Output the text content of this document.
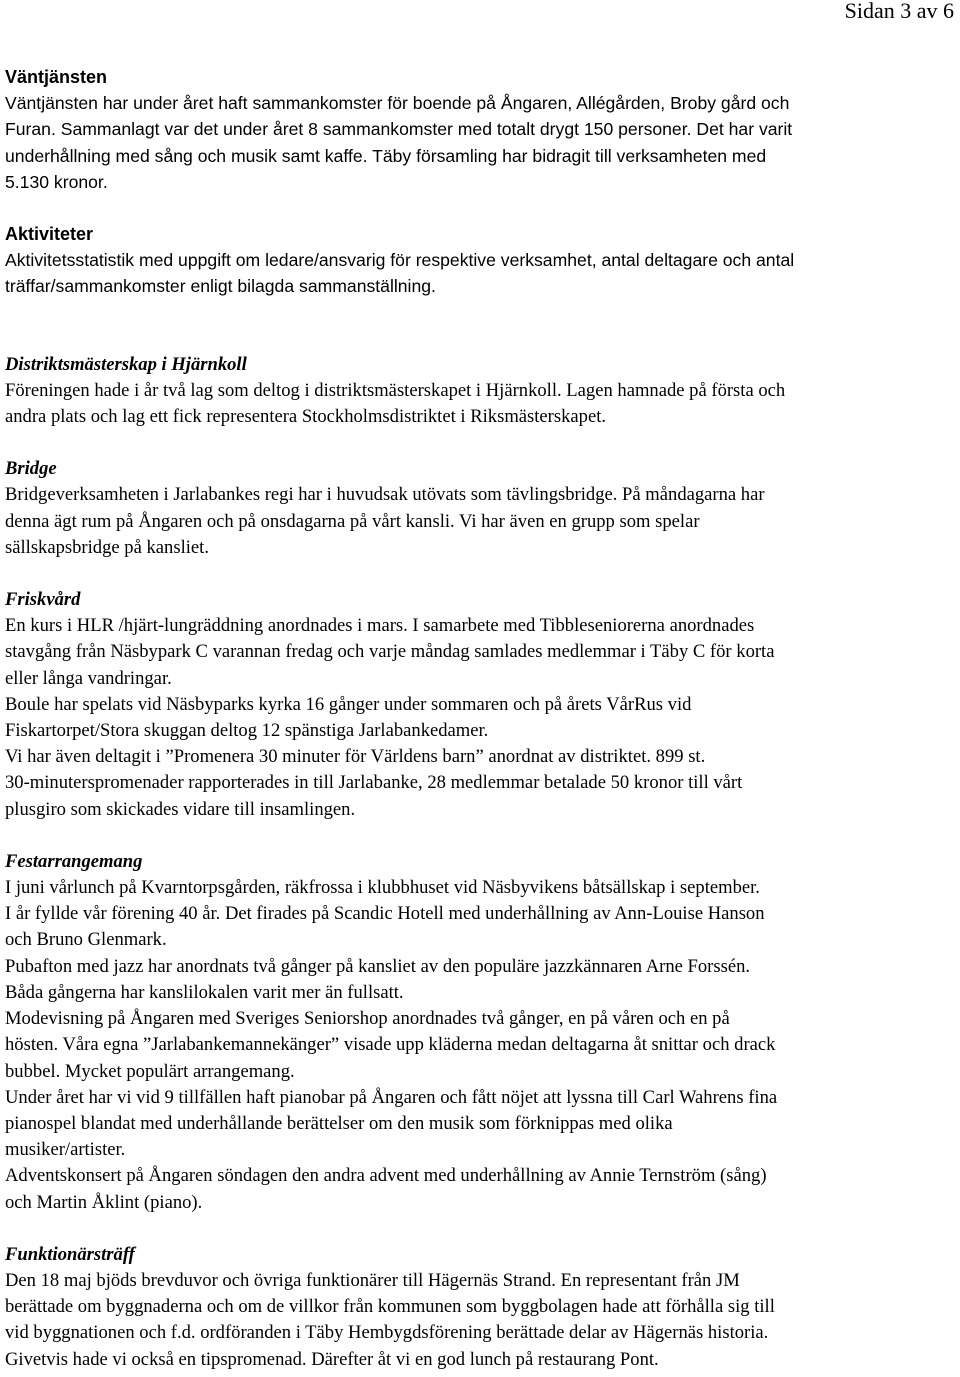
Sidan 3 av 6

Väntjänsten

Väntjänsten har under året haft sammankomster för boende på Ångaren, Allégården, Broby gård och

Furan. Sammanlagt var det under året 8 sammankomster med totalt drygt 150 personer. Det har varit

underhållning med sång och musik samt kaffe. Täby församling har bidragit till verksamheten med

5.130 kronor.

Aktiviteter

Aktivitetsstatistik med uppgift om ledare/ansvarig för respektive verksamhet, antal deltagare och antal

träffar/sammankomster enligt bilagda sammanställning.

Distriktsmästerskap i Hjärnkoll

Föreningen hade i år två lag som deltog i distriktsmästerskapet i Hjärnkoll. Lagen hamnade på första och

andra plats och lag ett fick representera Stockholmsdistriktet i Riksmästerskapet.

Bridge

Bridgeverksamheten i Jarlabankes regi har i huvudsak utövats som tävlingsbridge. På måndagarna har

denna ägt rum på Ångaren och på onsdagarna på vårt kansli. Vi har även en grupp som spelar

sällskapsbridge på kansliet.

Friskvård

En kurs i HLR /hjärt-lungräddning anordnades i mars. I samarbete med Tibbleseniorerna anordnades

stavgång från Näsbypark C varannan fredag och varje måndag samlades medlemmar i Täby C för korta

eller långa vandringar.

Boule har spelats vid Näsbyparks kyrka 16 gånger under sommaren och på årets VårRus vid

Fiskartorpet/Stora skuggan deltog 12 spänstiga Jarlabankedamer.

Vi har även deltagit i ”Promenera 30 minuter för Världens barn” anordnat av distriktet. 899 st.

30-minuterspromenader rapporterades in till Jarlabanke, 28 medlemmar betalade 50 kronor till vårt

plusgiro som skickades vidare till insamlingen.

Festarrangemang

I juni vårlunch på Kvarntorpsgården, räkfrossa i klubbhuset vid Näsbyvikens båtsällskap i september.

I år fyllde vår förening 40 år. Det firades på Scandic Hotell med underhållning av Ann-Louise Hanson

och Bruno Glenmark.

Pubafton med jazz har anordnats två gånger på kansliet av den populäre jazzkännaren Arne Forssén.

Båda gångerna har kanslilokalen varit mer än fullsatt.

Modevisning på Ångaren med Sveriges Seniorshop anordnades två gånger, en på våren och en på

hösten. Våra egna ”Jarlabankemannekänger” visade upp kläderna medan deltagarna åt snittar och drack

bubbel. Mycket populärt arrangemang.

Under året har vi vid 9 tillfällen haft pianobar på Ångaren och fått nöjet att lyssna till Carl Wahrens fina

pianospel blandat med underhållande berättelser om den musik som förknippas med olika

musiker/artister.

Adventskonsert på Ångaren söndagen den andra advent med underhållning av Annie Ternström (sång)

och Martin Åklint (piano).

Funktionärsträff

Den 18 maj bjöds brevduvor och övriga funktionärer till Hägernäs Strand. En representant från JM

berättade om byggnaderna och om de villkor från kommunen som byggbolagen hade att förhålla sig till

vid byggnationen och f.d. ordföranden i Täby Hembygdsförening berättade delar av Hägernäs historia.

Givetvis hade vi också en tipspromenad. Därefter åt vi en god lunch på restaurang Pont.
